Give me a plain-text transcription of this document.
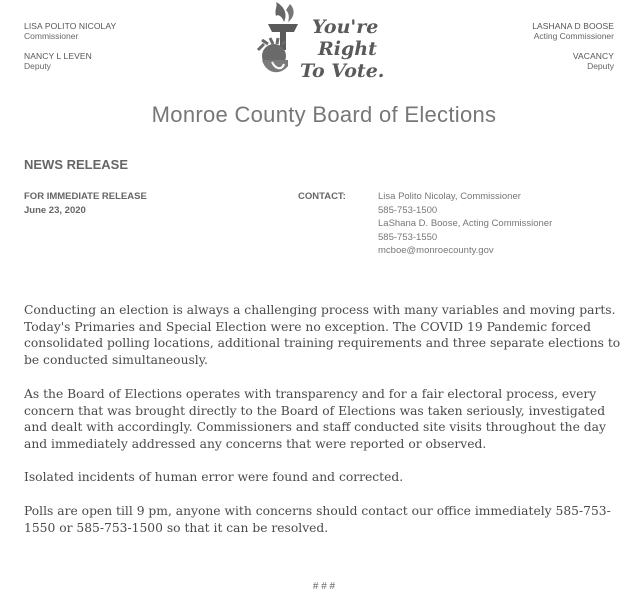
LISA POLITO NICOLAY
Commissioner
NANCY L LEVEN
Deputy
LASHANA D BOOSE
Acting Commissioner
VACANCY
Deputy
You're
Right
To Vote.
Monroe County Board of Elections
NEWS RELEASE
FOR IMMEDIATE RELEASE
June 23, 2020
CONTACT:	Lisa Polito Nicolay, Commissioner
585-753-1500
LaShana D. Boose, Acting Commissioner
585-753-1550
mcboe@monroecounty.gov
Conducting an election is always a challenging process with many variables and moving parts. Today's Primaries and Special Election were no exception. The COVID 19 Pandemic forced consolidated polling locations, additional training requirements and three separate elections to be conducted simultaneously.
As the Board of Elections operates with transparency and for a fair electoral process, every concern that was brought directly to the Board of Elections was taken seriously, investigated and dealt with accordingly. Commissioners and staff conducted site visits throughout the day and immediately addressed any concerns that were reported or observed.
Isolated incidents of human error were found and corrected.
Polls are open till 9 pm, anyone with concerns should contact our office immediately 585-753-1550 or 585-753-1500 so that it can be resolved.
# # #
